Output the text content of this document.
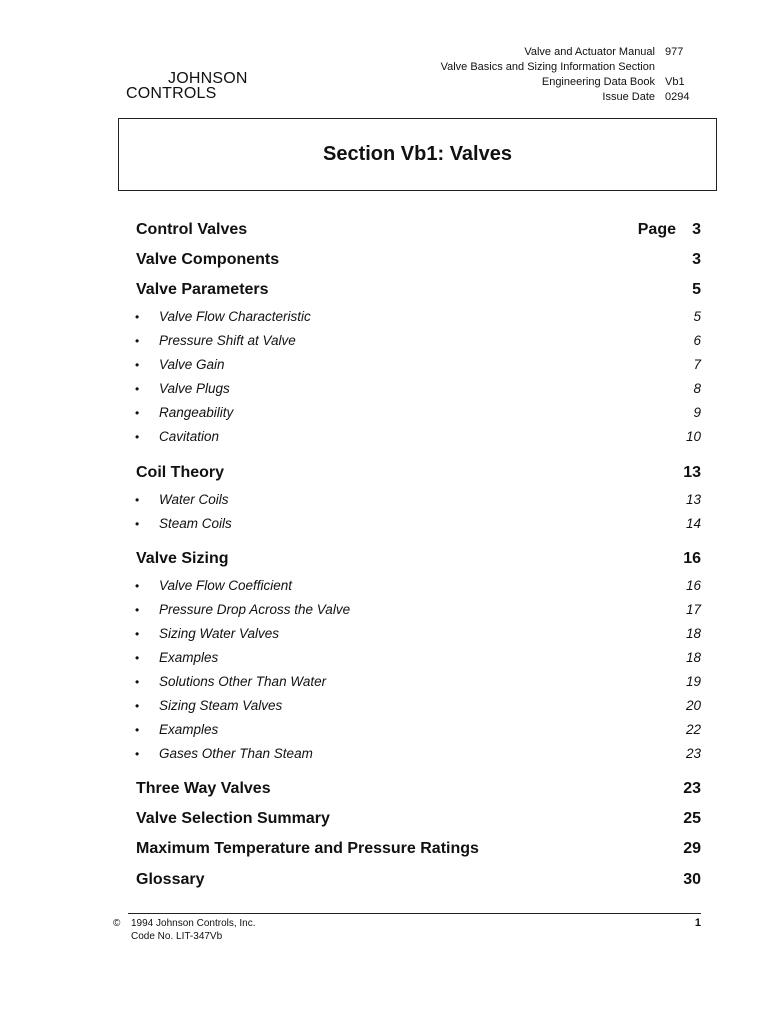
JOHNSON
CONTROLS
Valve and Actuator Manual	977
Valve Basics and Sizing Information Section	
Engineering Data Book	Vb1
Issue Date	0294
Section Vb1: Valves
Control Valves	Page 3
Valve Components	3
Valve Parameters	5
• Valve Flow Characteristic	5
• Pressure Shift at Valve	6
• Valve Gain	7
• Valve Plugs	8
• Rangeability	9
• Cavitation	10
Coil Theory	13
• Water Coils	13
• Steam Coils	14
Valve Sizing	16
• Valve Flow Coefficient	16
• Pressure Drop Across the Valve	17
• Sizing Water Valves	18
• Examples	18
• Solutions Other Than Water	19
• Sizing Steam Valves	20
• Examples	22
• Gases Other Than Steam	23
Three Way Valves	23
Valve Selection Summary	25
Maximum Temperature and Pressure Ratings	29
Glossary	30
© 1994 Johnson Controls, Inc.
Code No. LIT-347Vb
1
